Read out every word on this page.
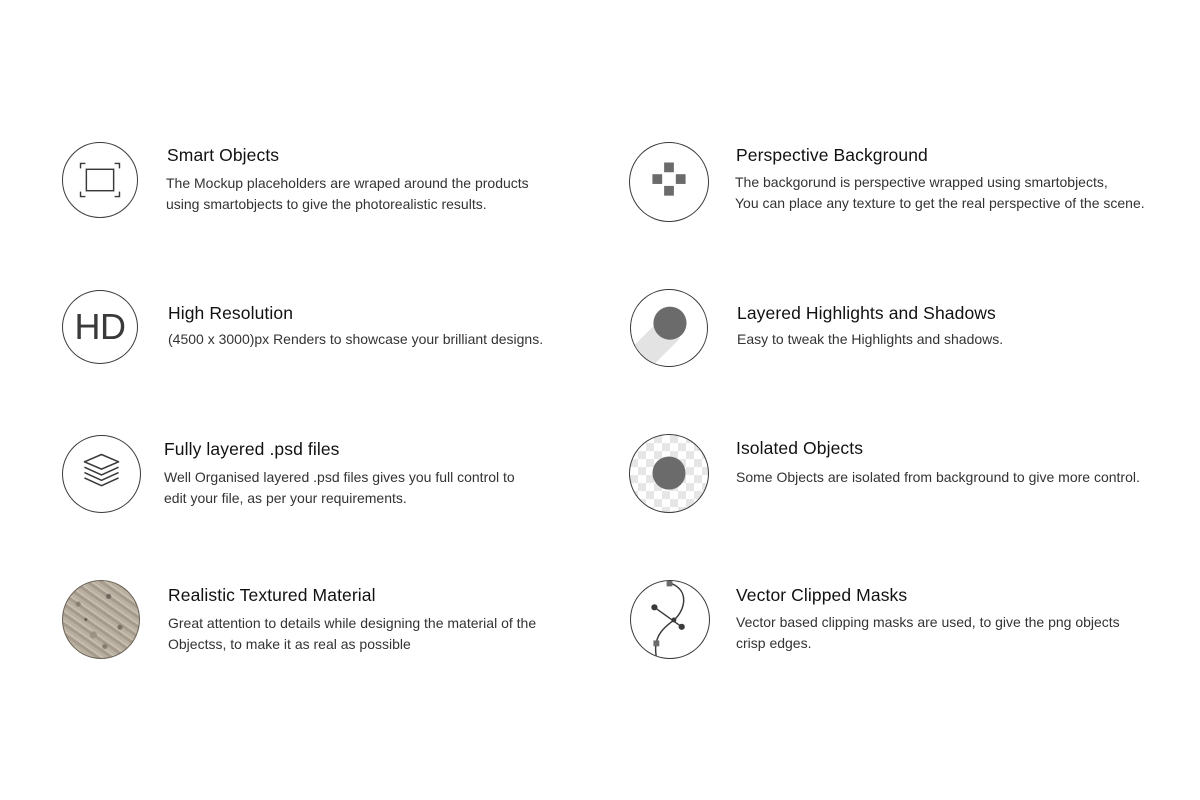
Smart Objects
The Mockup placeholders are wraped around the products
using smartobjects to give the photorealistic results.
Perspective Background
The backgorund is perspective wrapped using smartobjects,
You can place any texture to get the real perspective of the scene.
HD	High Resolution
(4500 x 3000)px Renders to showcase your brilliant designs.
Layered Highlights and Shadows
Easy to tweak the Highlights and shadows.
Fully layered .psd files
Well Organised layered .psd files gives you full control to
edit your file, as per your requirements.
Isolated Objects
Some Objects are isolated from background to give more control.
Realistic Textured Material
Great attention to details while designing the material of the
Objectss, to make it as real as possible
Vector Clipped Masks
Vector based clipping masks are used, to give the png objects
crisp edges.
